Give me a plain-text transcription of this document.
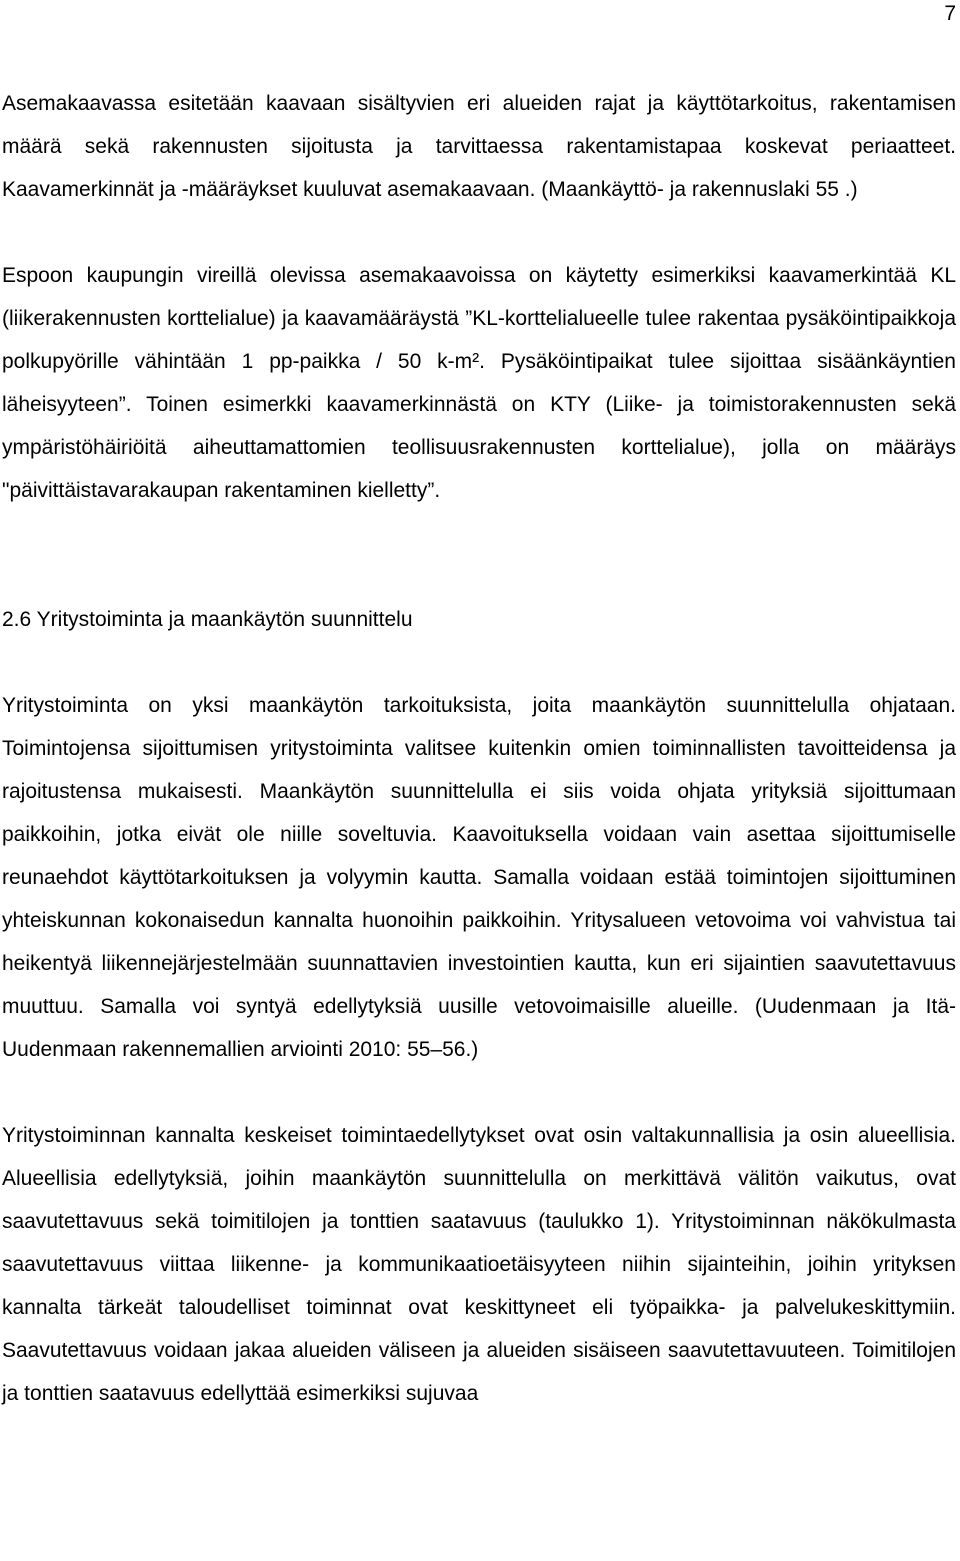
7

Asemakaavassa esitetään kaavaan sisältyvien eri alueiden rajat ja käyttötarkoitus, rakentamisen määrä sekä rakennusten sijoitusta ja tarvittaessa rakentamistapaa koskevat periaatteet. Kaavamerkinnät ja -määräykset kuuluvat asemakaavaan. (Maankäyttö- ja rakennuslaki 55 .)

Espoon kaupungin vireillä olevissa asemakaavoissa on käytetty esimerkiksi kaavamerkintää KL (liikerakennusten korttelialue) ja kaavamääräystä ”KL-korttelialueelle tulee rakentaa pysäköintipaikkoja polkupyörille vähintään 1 pp-paikka / 50 k-m². Pysäköintipaikat tulee sijoittaa sisäänkäyntien läheisyyteen”. Toinen esimerkki kaavamerkinnästä on KTY (Liike- ja toimistorakennusten sekä ympäristöhäiriöitä aiheuttamattomien teollisuusrakennusten korttelialue), jolla on määräys "päivittäistavarakaupan rakentaminen kielletty”.

2.6 Yritystoiminta ja maankäytön suunnittelu

Yritystoiminta on yksi maankäytön tarkoituksista, joita maankäytön suunnittelulla ohjataan. Toimintojensa sijoittumisen yritystoiminta valitsee kuitenkin omien toiminnallisten tavoitteidensa ja rajoitustensa mukaisesti. Maankäytön suunnittelulla ei siis voida ohjata yrityksiä sijoittumaan paikkoihin, jotka eivät ole niille soveltuvia. Kaavoituksella voidaan vain asettaa sijoittumiselle reunaehdot käyttötarkoituksen ja volyymin kautta. Samalla voidaan estää toimintojen sijoittuminen yhteiskunnan kokonaisedun kannalta huonoihin paikkoihin. Yritysalueen vetovoima voi vahvistua tai heikentyä liikennejärjestelmään suunnattavien investointien kautta, kun eri sijaintien saavutettavuus muuttuu. Samalla voi syntyä edellytyksiä uusille vetovoimaisille alueille. (Uudenmaan ja Itä-Uudenmaan rakennemallien arviointi 2010: 55–56.)

Yritystoiminnan kannalta keskeiset toimintaedellytykset ovat osin valtakunnallisia ja osin alueellisia. Alueellisia edellytyksiä, joihin maankäytön suunnittelulla on merkittävä välitön vaikutus, ovat saavutettavuus sekä toimitilojen ja tonttien saatavuus (taulukko 1). Yritystoiminnan näkökulmasta saavutettavuus viittaa liikenne- ja kommunikaatioetäisyyteen niihin sijainteihin, joihin yrityksen kannalta tärkeät taloudelliset toiminnat ovat keskittyneet eli työpaikka- ja palvelukeskittymiin. Saavutettavuus voidaan jakaa alueiden väliseen ja alueiden sisäiseen saavutettavuuteen. Toimitilojen ja tonttien saatavuus edellyttää esimerkiksi sujuvaa
